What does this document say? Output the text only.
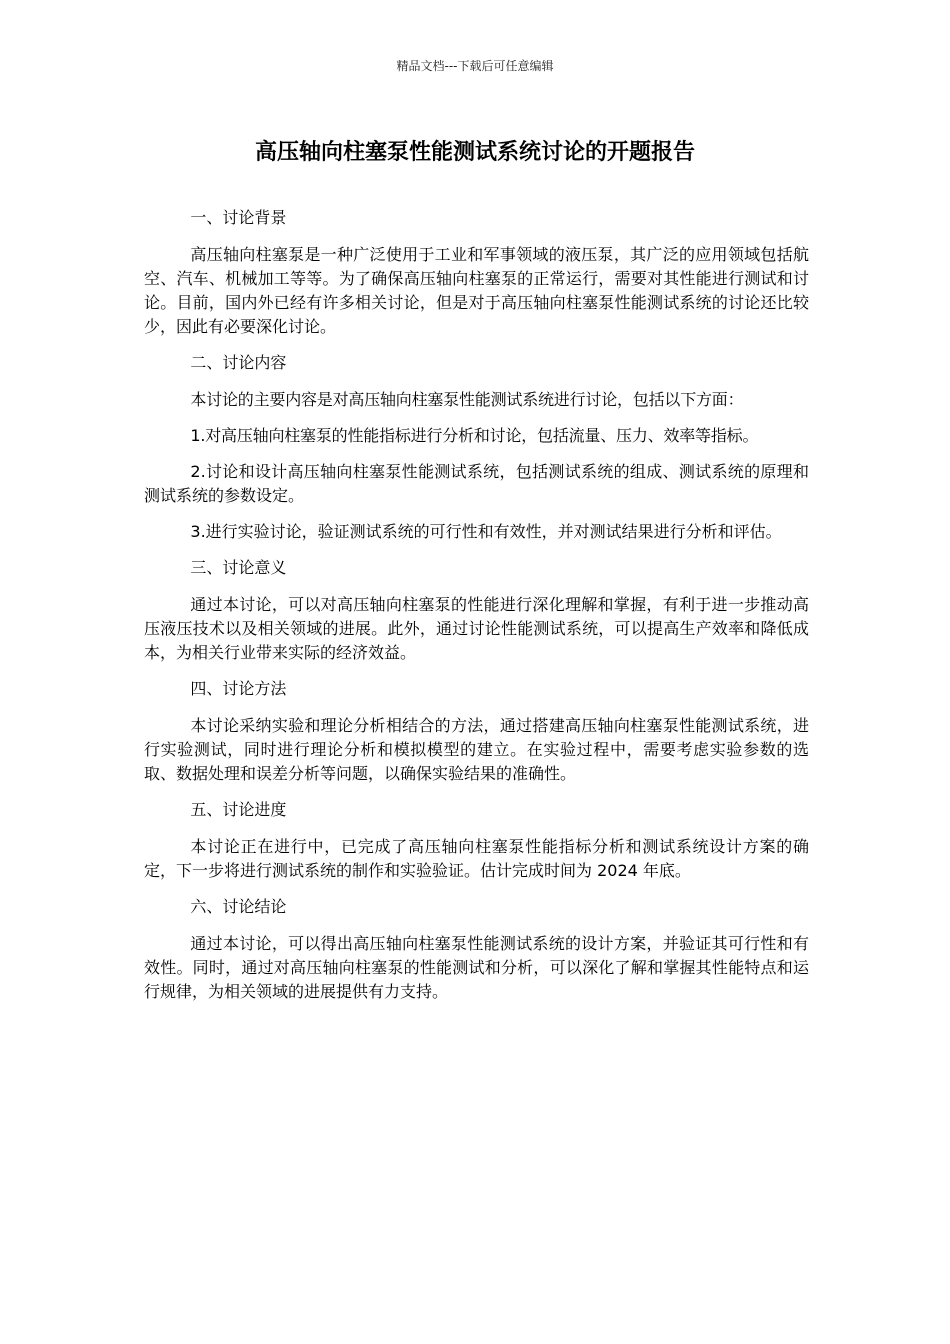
精品文档---下载后可任意编辑
高压轴向柱塞泵性能测试系统讨论的开题报告

一、讨论背景

高压轴向柱塞泵是一种广泛使用于工业和军事领域的液压泵，其广泛的应用领域包括航空、汽车、机械加工等等。为了确保高压轴向柱塞泵的正常运行，需要对其性能进行测试和讨论。目前，国内外已经有许多相关讨论，但是对于高压轴向柱塞泵性能测试系统的讨论还比较少，因此有必要深化讨论。

二、讨论内容

本讨论的主要内容是对高压轴向柱塞泵性能测试系统进行讨论，包括以下方面：

1.对高压轴向柱塞泵的性能指标进行分析和讨论，包括流量、压力、效率等指标。

2.讨论和设计高压轴向柱塞泵性能测试系统，包括测试系统的组成、测试系统的原理和测试系统的参数设定。

3.进行实验讨论，验证测试系统的可行性和有效性，并对测试结果进行分析和评估。

三、讨论意义

通过本讨论，可以对高压轴向柱塞泵的性能进行深化理解和掌握，有利于进一步推动高压液压技术以及相关领域的进展。此外，通过讨论性能测试系统，可以提高生产效率和降低成本，为相关行业带来实际的经济效益。

四、讨论方法

本讨论采纳实验和理论分析相结合的方法，通过搭建高压轴向柱塞泵性能测试系统，进行实验测试，同时进行理论分析和模拟模型的建立。在实验过程中，需要考虑实验参数的选取、数据处理和误差分析等问题，以确保实验结果的准确性。

五、讨论进度

本讨论正在进行中，已完成了高压轴向柱塞泵性能指标分析和测试系统设计方案的确定，下一步将进行测试系统的制作和实验验证。估计完成时间为 2024 年底。

六、讨论结论

通过本讨论，可以得出高压轴向柱塞泵性能测试系统的设计方案，并验证其可行性和有效性。同时，通过对高压轴向柱塞泵的性能测试和分析，可以深化了解和掌握其性能特点和运行规律，为相关领域的进展提供有力支持。
